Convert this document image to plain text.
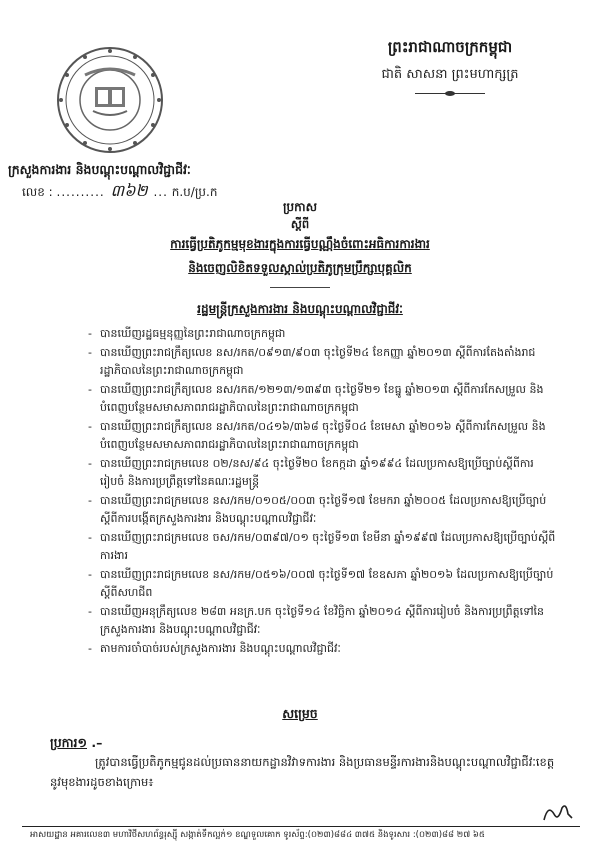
ព្រះរាជាណាចក្រកម្ពុជា
ជាតិ សាសនា ព្រះមហាក្សត្រ
ក្រសួងការងារ និងបណ្តុះបណ្តាលវិជ្ជាជីវៈ
លេខ : .......... ៣៦២ ... ក.ប/ប្រ.ក
ប្រកាស
ស្តីពី
ការធ្វើប្រតិភូកម្មមុខងារក្នុងការធ្វើបណ្ណឹងចំពោះអធិការការងារ
និងចេញលិខិតទទួលស្គាល់ប្រតិភូក្រុមប្រឹក្សាបុគ្គលិក
រដ្ឋមន្ត្រីក្រសួងការងារ និងបណ្តុះបណ្តាលវិជ្ជាជីវៈ
- បានឃើញរដ្ឋធម្មនុញ្ញនៃព្រះរាជាណាចក្រកម្ពុជា
- បានឃើញព្រះរាជក្រឹត្យលេខ នស/រកត/០៩១៣/៩០៣ ចុះថ្ងៃទី២៤ ខែកញ្ញា ឆ្នាំ២០១៣ ស្តីពីការតែងតាំងរាជរដ្ឋាភិបាលនៃព្រះរាជាណាចក្រកម្ពុជា
- បានឃើញព្រះរាជក្រឹត្យលេខ នស/រកត/១២១៣/១៣៩៣ ចុះថ្ងៃទី២១ ខែធ្នូ ឆ្នាំ២០១៣ ស្តីពីការកែសម្រួល និងបំពេញបន្ថែមសមាសភាពរាជរដ្ឋាភិបាលនៃព្រះរាជាណាចក្រកម្ពុជា
- បានឃើញព្រះរាជក្រឹត្យលេខ នស/រកត/០៤១៦/៣៦៨ ចុះថ្ងៃទី០៤ ខែមេសា ឆ្នាំ២០១៦ ស្តីពីការកែសម្រួល និងបំពេញបន្ថែមសមាសភាពរាជរដ្ឋាភិបាលនៃព្រះរាជាណាចក្រកម្ពុជា
- បានឃើញព្រះរាជក្រមលេខ ០២/នស/៩៤ ចុះថ្ងៃទី២០ ខែកក្កដា ឆ្នាំ១៩៩៤ ដែលប្រកាសឱ្យប្រើច្បាប់ស្តីពីការរៀបចំ និងការប្រព្រឹត្តទៅនៃគណៈរដ្ឋមន្ត្រី
- បានឃើញព្រះរាជក្រមលេខ នស/រកម/០១០៥/០០៣ ចុះថ្ងៃទី១៧ ខែមករា ឆ្នាំ២០០៥ ដែលប្រកាសឱ្យប្រើច្បាប់ស្តីពីការបង្កើតក្រសួងការងារ និងបណ្តុះបណ្តាលវិជ្ជាជីវៈ
- បានឃើញព្រះរាជក្រមលេខ ចស/រកម/០៣៩៧/០១ ចុះថ្ងៃទី១៣ ខែមីនា ឆ្នាំ១៩៩៧ ដែលប្រកាសឱ្យប្រើច្បាប់ស្តីពីការងារ
- បានឃើញព្រះរាជក្រមលេខ នស/រកម/០៥១៦/០០៧ ចុះថ្ងៃទី១៧ ខែឧសភា ឆ្នាំ២០១៦ ដែលប្រកាសឱ្យប្រើច្បាប់ស្តីពីសហជីព
- បានឃើញអនុក្រឹត្យលេខ ២៨៣ អនក្រ.បក ចុះថ្ងៃទី១៤ ខែវិច្ឆិកា ឆ្នាំ២០១៤ ស្តីពីការរៀបចំ និងការប្រព្រឹត្តទៅនៃក្រសួងការងារ និងបណ្តុះបណ្តាលវិជ្ជាជីវៈ
- តាមការចាំបាច់របស់ក្រសួងការងារ និងបណ្តុះបណ្តាលវិជ្ជាជីវៈ
សម្រេច
ប្រការ១ .–
ត្រូវបានធ្វើប្រតិភូកម្មជូនដល់ប្រធាននាយកដ្ឋានវិវាទការងារ និងប្រធានមន្ទីរការងារនិងបណ្តុះបណ្តាលវិជ្ជាជីវៈខេត្ត នូវមុខងារដូចខាងក្រោម៖
អាសយដ្ឋាន អគារលេខ៣ មហាវិថីសហព័ន្ធរុស្ស៊ី សង្កាត់ទឹកល្អក់១ ខណ្ឌទួលគោក ទូរស័ព្ទ:(០២៣)៨៨៤ ៣៧៥ និងទូរសារ :(០២៣)៨៨ ២៧ ៦៥
